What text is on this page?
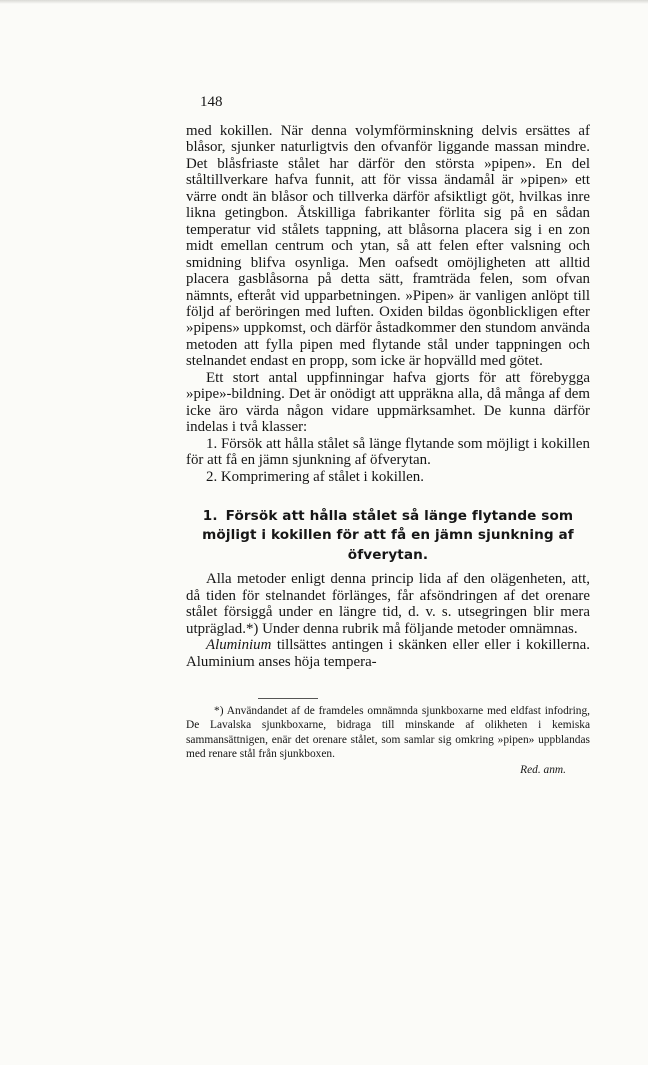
148

med kokillen. När denna volymförminskning delvis ersättes af blåsor, sjunker naturligtvis den ofvanför liggande massan mindre. Det blåsfriaste stålet har därför den största »pipen». En del ståltillverkare hafva funnit, att för vissa ändamål är »pipen» ett värre ondt än blåsor och tillverka därför afsiktligt göt, hvilkas inre likna getingbon. Åtskilliga fabrikanter förlita sig på en sådan temperatur vid stålets tappning, att blåsorna placera sig i en zon midt emellan centrum och ytan, så att felen efter valsning och smidning blifva osynliga. Men oafsedt omöjligheten att alltid placera gasblåsorna på detta sätt, framträda felen, som ofvan nämnts, efteråt vid upparbetningen. »Pipen» är vanligen anlöpt till följd af beröringen med luften. Oxiden bildas ögonblickligen efter »pipens» uppkomst, och därför åstadkommer den stundom använda metoden att fylla pipen med flytande stål under tappningen och stelnandet endast en propp, som icke är hopvälld med götet.

Ett stort antal uppfinningar hafva gjorts för att förebygga »pipe»-bildning. Det är onödigt att uppräkna alla, då många af dem icke äro värda någon vidare uppmärksamhet. De kunna därför indelas i två klasser:

1. Försök att hålla stålet så länge flytande som möjligt i kokillen för att få en jämn sjunkning af öfverytan.

2. Komprimering af stålet i kokillen.

1. Försök att hålla stålet så länge flytande som möjligt i kokillen för att få en jämn sjunkning af öfverytan.

Alla metoder enligt denna princip lida af den olägenheten, att, då tiden för stelnandet förlänges, får afsöndringen af det orenare stålet försiggå under en längre tid, d. v. s. utsegringen blir mera utpräglad.*) Under denna rubrik må följande metoder omnämnas.

Aluminium tillsättes antingen i skänken eller eller i kokillerna. Aluminium anses höja tempera-

*) Användandet af de framdeles omnämnda sjunkboxarne med eldfast infodring, De Lavalska sjunkboxarne, bidraga till minskande af olikheten i kemiska sammansättnigen, enär det orenare stålet, som samlar sig omkring »pipen» uppblandas med renare stål från sjunkboxen.
Red. anm.
